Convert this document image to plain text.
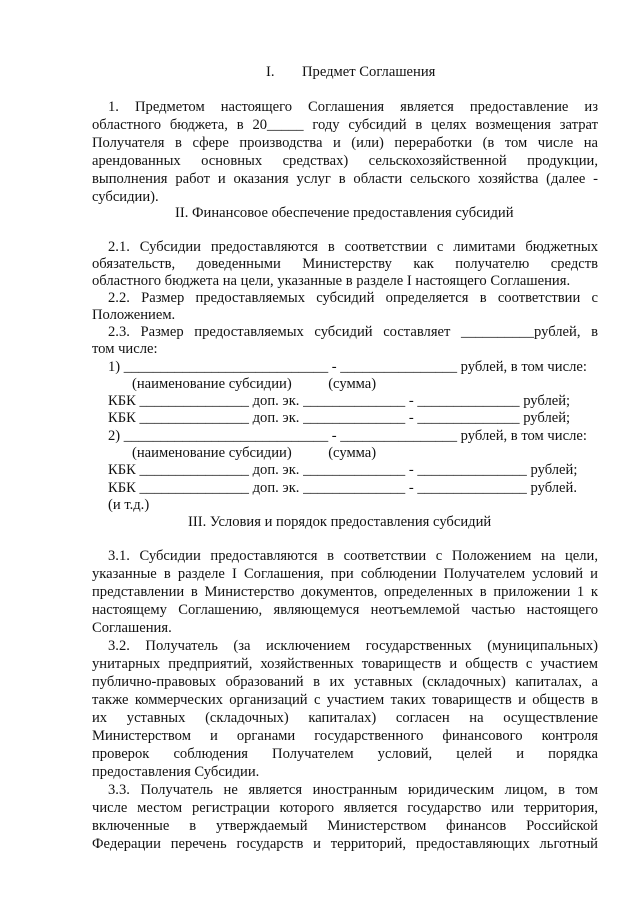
I. Предмет Соглашения
1. Предметом настоящего Соглашения является предоставление из
областного бюджета, в 20_____ году субсидий в целях возмещения затрат
Получателя в сфере производства и (или) переработки (в том числе на
арендованных основных средствах) сельскохозяйственной продукции,
выполнения работ и оказания услуг в области сельского хозяйства (далее -
субсидии).
II. Финансовое обеспечение предоставления субсидий
2.1. Субсидии предоставляются в соответствии с лимитами бюджетных
обязательств, доведенными Министерству как получателю средств
областного бюджета на цели, указанные в разделе I настоящего Соглашения.
2.2. Размер предоставляемых субсидий определяется в соответствии с
Положением.
2.3. Размер предоставляемых субсидий составляет __________рублей, в
том числе:
1) ____________________________ - ________________ рублей, в том числе:
(наименование субсидии)          (сумма)
КБК _______________ доп. эк. ______________ - ______________ рублей;
КБК _______________ доп. эк. ______________ - ______________ рублей;
2) ____________________________ - ________________ рублей, в том числе:
(наименование субсидии)          (сумма)
КБК _______________ доп. эк. ______________ - _______________ рублей;
КБК _______________ доп. эк. ______________ - _______________ рублей.
(и т.д.)
III. Условия и порядок предоставления субсидий
3.1. Субсидии предоставляются в соответствии с Положением на цели,
указанные в разделе I Соглашения, при соблюдении Получателем условий и
представлении в Министерство документов, определенных в приложении 1 к
настоящему Соглашению, являющемуся неотъемлемой частью настоящего
Соглашения.
3.2. Получатель (за исключением государственных (муниципальных)
унитарных предприятий, хозяйственных товариществ и обществ с участием
публично-правовых образований в их уставных (складочных) капиталах, а
также коммерческих организаций с участием таких товариществ и обществ в
их уставных (складочных) капиталах) согласен на осуществление
Министерством и органами государственного финансового контроля
проверок соблюдения Получателем условий, целей и порядка
предоставления Субсидии.
3.3. Получатель не является иностранным юридическим лицом, в том
числе местом регистрации которого является государство или территория,
включенные в утверждаемый Министерством финансов Российской
Федерации перечень государств и территорий, предоставляющих льготный
